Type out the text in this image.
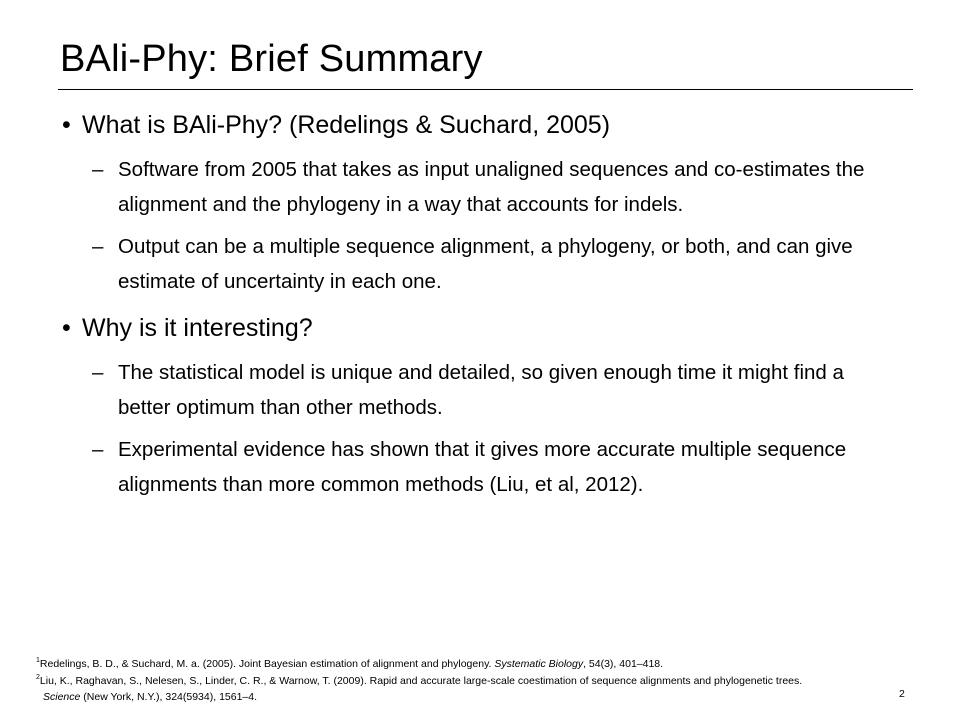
BAli-Phy: Brief Summary
• What is BAli-Phy? (Redelings & Suchard, 2005)
– Software from 2005 that takes as input unaligned sequences and co-estimates the alignment and the phylogeny in a way that accounts for indels.
– Output can be a multiple sequence alignment, a phylogeny, or both, and can give estimate of uncertainty in each one.
• Why is it interesting?
– The statistical model is unique and detailed, so given enough time it might find a better optimum than other methods.
– Experimental evidence has shown that it gives more accurate multiple sequence alignments than more common methods (Liu, et al, 2012).

$^1$Redelings, B. D., & Suchard, M. a. (2005). Joint Bayesian estimation of alignment and phylogeny. Systematic Biology, 54(3), 401–418.

$^2$Liu, K., Raghavan, S., Nelesen, S., Linder, C. R., & Warnow, T. (2009). Rapid and accurate large-scale coestimation of sequence alignments and phylogenetic trees.

Science (New York, N.Y.), 324(5934), 1561–4.	2
